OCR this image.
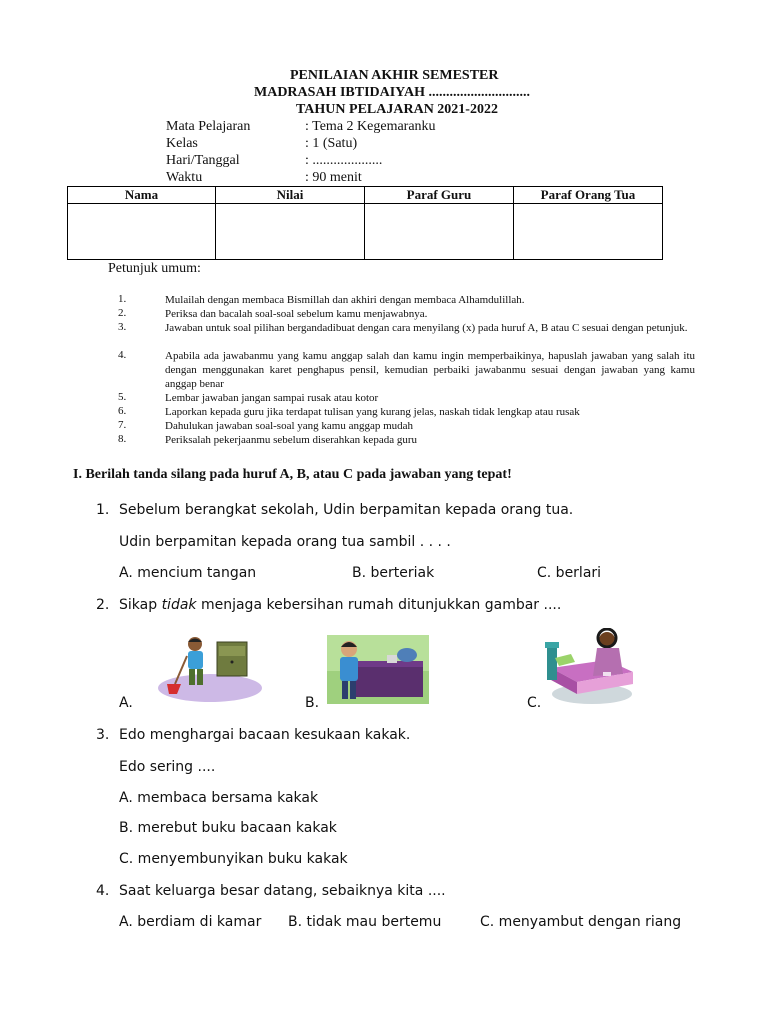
PENILAIAN AKHIR SEMESTER
MADRASAH IBTIDAIYAH .............................
TAHUN PELAJARAN 2021-2022
Mata Pelajaran	: Tema 2 Kegemaranku
Kelas	: 1 (Satu)
Hari/Tanggal	: ....................
Waktu	: 90 menit
Nama	Nilai	Paraf Guru	Paraf Orang Tua

Petunjuk umum:
1.	Mulailah dengan membaca Bismillah dan akhiri dengan membaca Alhamdulillah.
2.	Periksa dan bacalah soal-soal sebelum kamu menjawabnya.
3.	Jawaban untuk soal pilihan bergandadibuat dengan cara menyilang (x) pada huruf A, B atau C sesuai dengan petunjuk.
4.	Apabila ada jawabanmu yang kamu anggap salah dan kamu ingin memperbaikinya, hapuslah jawaban yang salah itu dengan menggunakan karet penghapus pensil, kemudian perbaiki jawabanmu sesuai dengan jawaban yang kamu anggap benar
5.	Lembar jawaban jangan sampai rusak atau kotor
6.	Laporkan kepada guru jika terdapat tulisan yang kurang jelas, naskah tidak lengkap atau rusak
7.	Dahulukan jawaban soal-soal yang kamu anggap mudah
8.	Periksalah pekerjaanmu sebelum diserahkan kepada guru
I. Berilah tanda silang pada huruf A, B, atau C pada jawaban yang tepat!
1. Sebelum berangkat sekolah, Udin berpamitan kepada orang tua.
Udin berpamitan kepada orang tua sambil . . . .
A. mencium tangan	B. berteriak	C. berlari
2. Sikap tidak menjaga kebersihan rumah ditunjukkan gambar ....
A.	B.	C.
3. Edo menghargai bacaan kesukaan kakak.
Edo sering ....
A. membaca bersama kakak
B. merebut buku bacaan kakak
C. menyembunyikan buku kakak
4. Saat keluarga besar datang, sebaiknya kita ....
A. berdiam di kamar B. tidak mau bertemu	C. menyambut dengan riang
